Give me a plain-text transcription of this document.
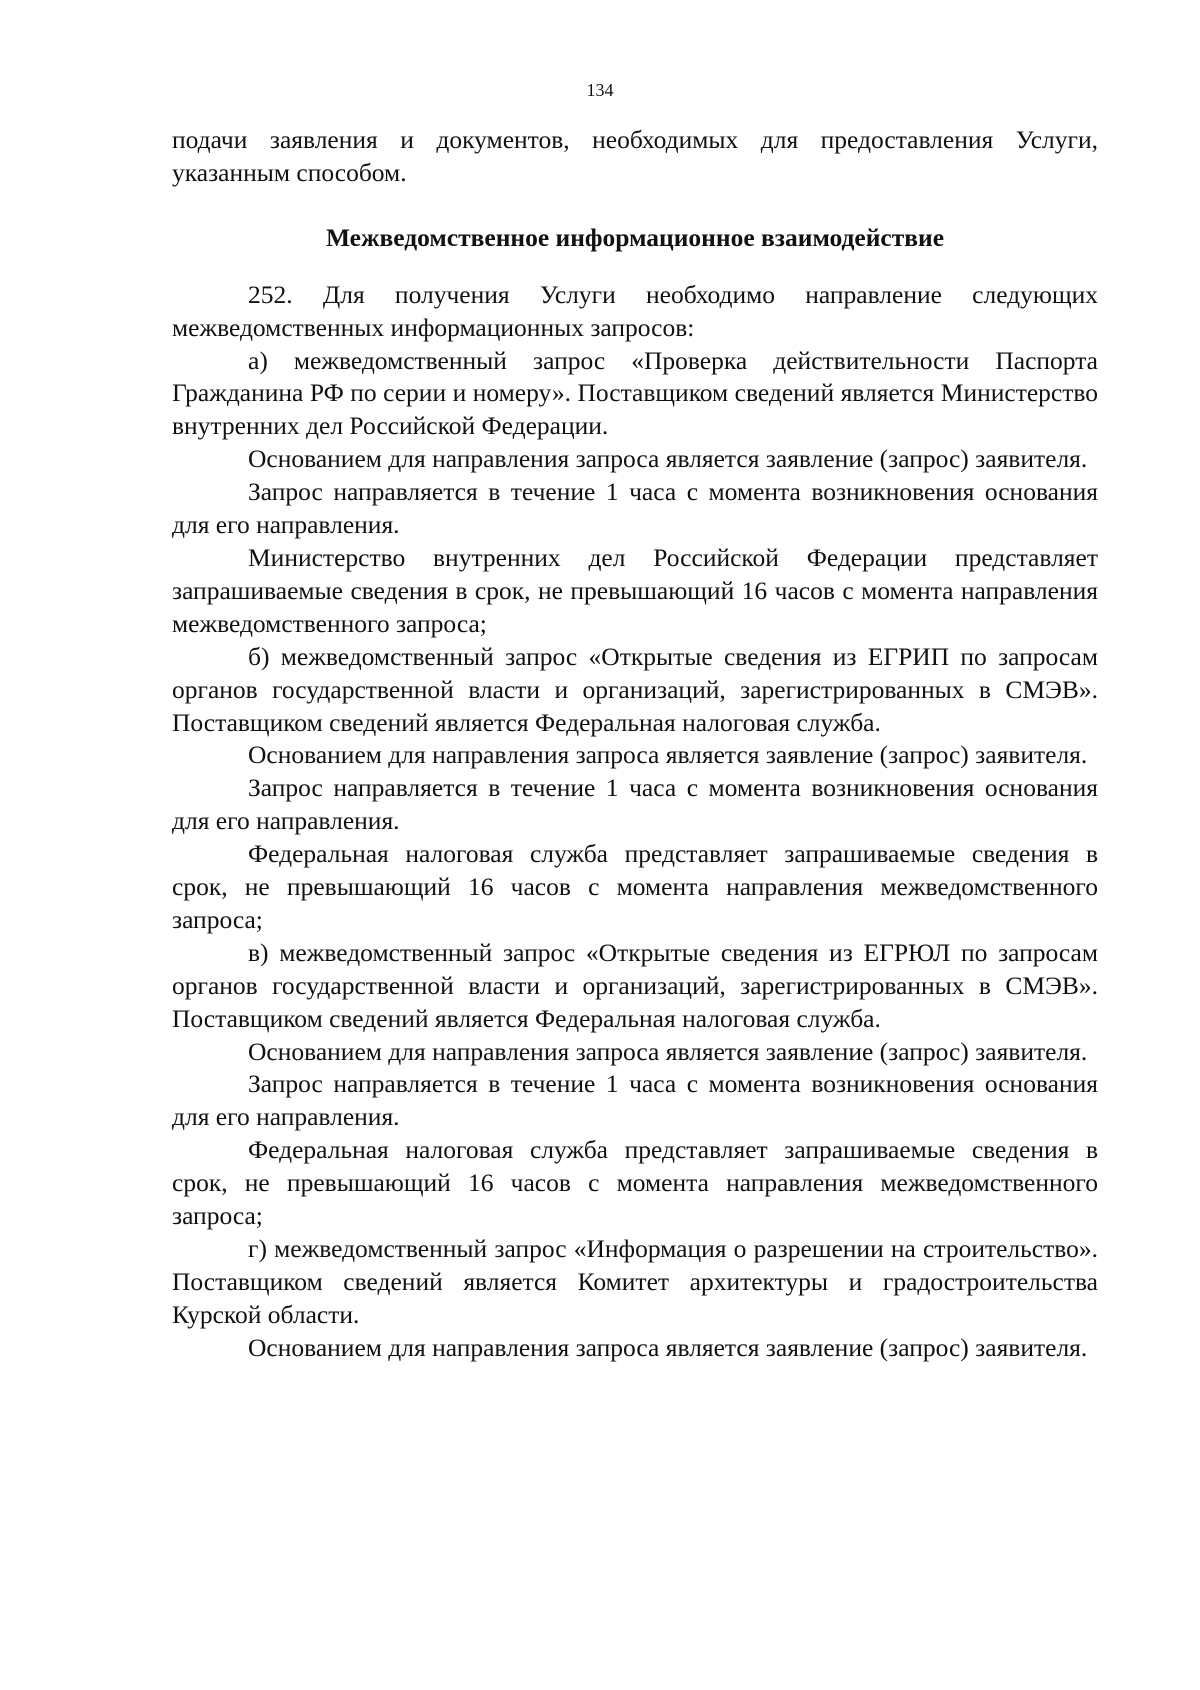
134

подачи заявления и документов, необходимых для предоставления Услуги, указанным способом.

Межведомственное информационное взаимодействие

252. Для получения Услуги необходимо направление следующих межведомственных информационных запросов:

а) межведомственный запрос «Проверка действительности Паспорта Гражданина РФ по серии и номеру». Поставщиком сведений является Министерство внутренних дел Российской Федерации.

Основанием для направления запроса является заявление (запрос) заявителя.

Запрос направляется в течение 1 часа с момента возникновения основания для его направления.

Министерство внутренних дел Российской Федерации представляет запрашиваемые сведения в срок, не превышающий 16 часов с момента направления межведомственного запроса;

б) межведомственный запрос «Открытые сведения из ЕГРИП по запросам органов государственной власти и организаций, зарегистрированных в СМЭВ». Поставщиком сведений является Федеральная налоговая служба.

Основанием для направления запроса является заявление (запрос) заявителя.

Запрос направляется в течение 1 часа с момента возникновения основания для его направления.

Федеральная налоговая служба представляет запрашиваемые сведения в срок, не превышающий 16 часов с момента направления межведомственного запроса;

в) межведомственный запрос «Открытые сведения из ЕГРЮЛ по запросам органов государственной власти и организаций, зарегистрированных в СМЭВ». Поставщиком сведений является Федеральная налоговая служба.

Основанием для направления запроса является заявление (запрос) заявителя.

Запрос направляется в течение 1 часа с момента возникновения основания для его направления.

Федеральная налоговая служба представляет запрашиваемые сведения в срок, не превышающий 16 часов с момента направления межведомственного запроса;

г) межведомственный запрос «Информация о разрешении на строительство». Поставщиком сведений является Комитет архитектуры и градостроительства Курской области.

Основанием для направления запроса является заявление (запрос) заявителя.
